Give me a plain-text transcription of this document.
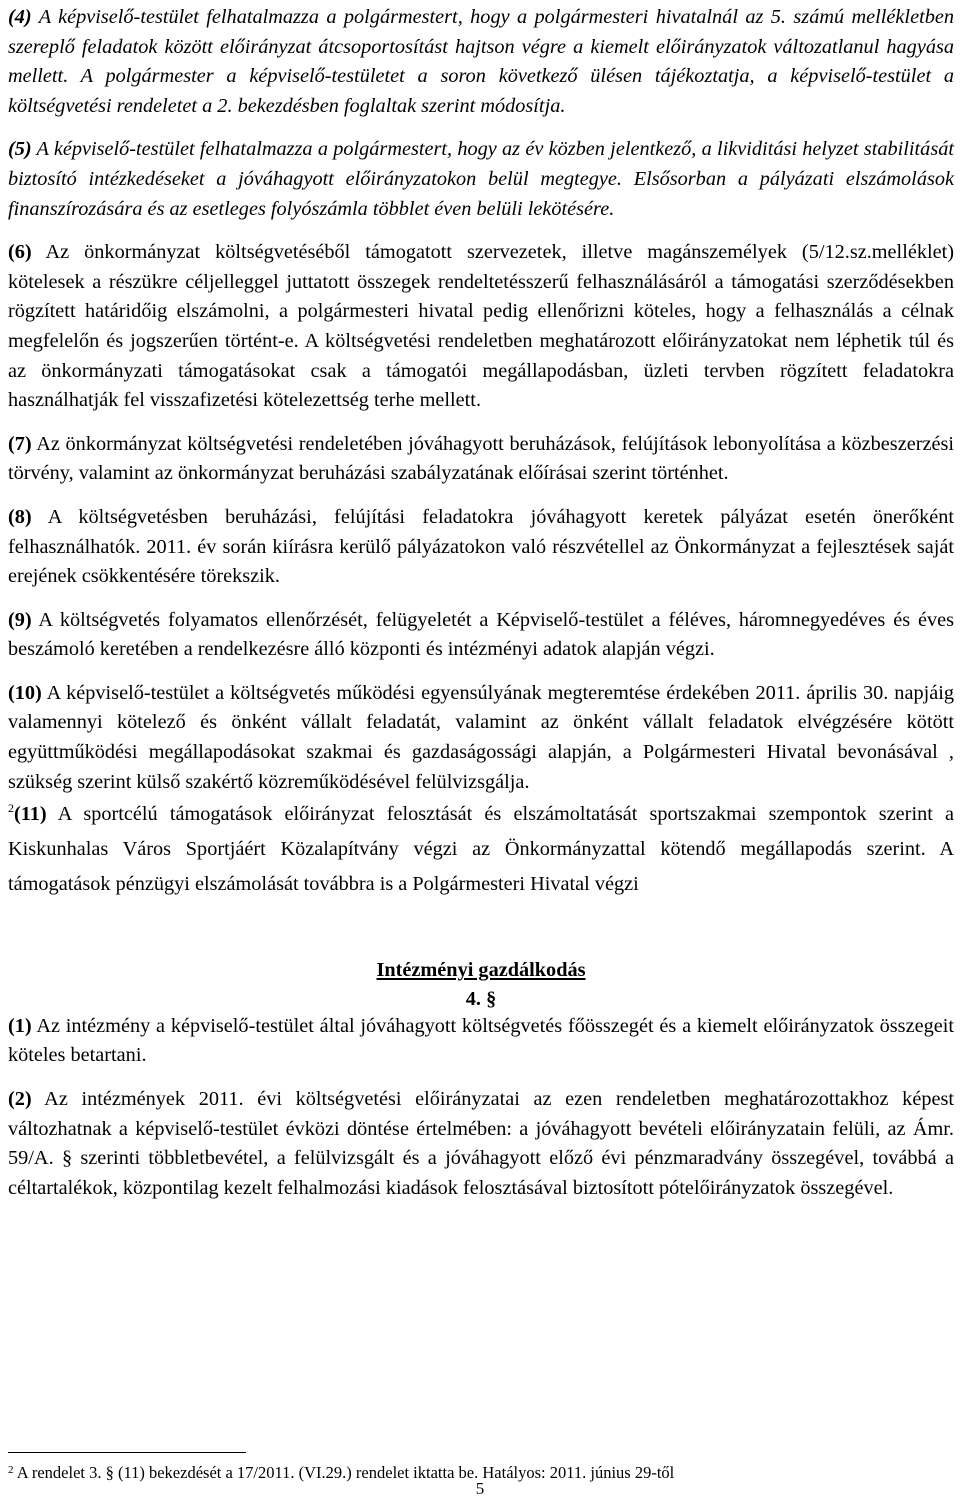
(4) A képviselő-testület felhatalmazza a polgármestert, hogy a polgármesteri hivatalnál az 5. számú mellékletben szereplő feladatok között előirányzat átcsoportosítást hajtson végre a kiemelt előirányzatok változatlanul hagyása mellett. A polgármester a képviselő-testületet a soron következő ülésen tájékoztatja, a képviselő-testület a költségvetési rendeletet a 2. bekezdésben foglaltak szerint módosítja.

(5) A képviselő-testület felhatalmazza a polgármestert, hogy az év közben jelentkező, a likviditási helyzet stabilitását biztosító intézkedéseket a jóváhagyott előirányzatokon belül megtegye. Elsősorban a pályázati elszámolások finanszírozására és az esetleges folyószámla többlet éven belüli lekötésére.

(6) Az önkormányzat költségvetéséből támogatott szervezetek, illetve magánszemélyek (5/12.sz.melléklet) kötelesek a részükre céljelleggel juttatott összegek rendeltetésszerű felhasználásáról a támogatási szerződésekben rögzített határidőig elszámolni, a polgármesteri hivatal pedig ellenőrizni köteles, hogy a felhasználás a célnak megfelelőn és jogszerűen történt-e. A költségvetési rendeletben meghatározott előirányzatokat nem léphetik túl és az önkormányzati támogatásokat csak a támogatói megállapodásban, üzleti tervben rögzített feladatokra használhatják fel visszafizetési kötelezettség terhe mellett.

(7) Az önkormányzat költségvetési rendeletében jóváhagyott beruházások, felújítások lebonyolítása a közbeszerzési törvény, valamint az önkormányzat beruházási szabályzatának előírásai szerint történhet.

(8) A költségvetésben beruházási, felújítási feladatokra jóváhagyott keretek pályázat esetén önerőként felhasználhatók. 2011. év során kiírásra kerülő pályázatokon való részvétellel az Önkormányzat a fejlesztések saját erejének csökkentésére törekszik.

(9) A költségvetés folyamatos ellenőrzését, felügyeletét a Képviselő-testület a féléves, háromnegyedéves és éves beszámoló keretében a rendelkezésre álló központi és intézményi adatok alapján végzi.

(10) A képviselő-testület a költségvetés működési egyensúlyának megteremtése érdekében 2011. április 30. napjáig valamennyi kötelező és önként vállalt feladatát, valamint az önként vállalt feladatok elvégzésére kötött együttműködési megállapodásokat szakmai és gazdaságossági alapján, a Polgármesteri Hivatal bevonásával , szükség szerint külső szakértő közreműködésével felülvizsgálja.

$^2$(11) A sportcélú támogatások előirányzat felosztását és elszámoltatását sportszakmai szempontok szerint a Kiskunhalas Város Sportjáért Közalapítvány végzi az Önkormányzattal kötendő megállapodás szerint. A támogatások pénzügyi elszámolását továbbra is a Polgármesteri Hivatal végzi

Intézményi gazdálkodás

4. §

(1) Az intézmény a képviselő-testület által jóváhagyott költségvetés főösszegét és a kiemelt előirányzatok összegeit köteles betartani.

(2) Az intézmények 2011. évi költségvetési előirányzatai az ezen rendeletben meghatározottakhoz képest változhatnak a képviselő-testület évközi döntése értelmében: a jóváhagyott bevételi előirányzatain felüli, az Ámr. 59/A. § szerinti többletbevétel, a felülvizsgált és a jóváhagyott előző évi pénzmaradvány összegével, továbbá a céltartalékok, központilag kezelt felhalmozási kiadások felosztásával biztosított pótelőirányzatok összegével.

$^2$ A rendelet 3. § (11) bekezdését a 17/2011. (VI.29.) rendelet iktatta be. Hatályos: 2011. június 29-től
5
